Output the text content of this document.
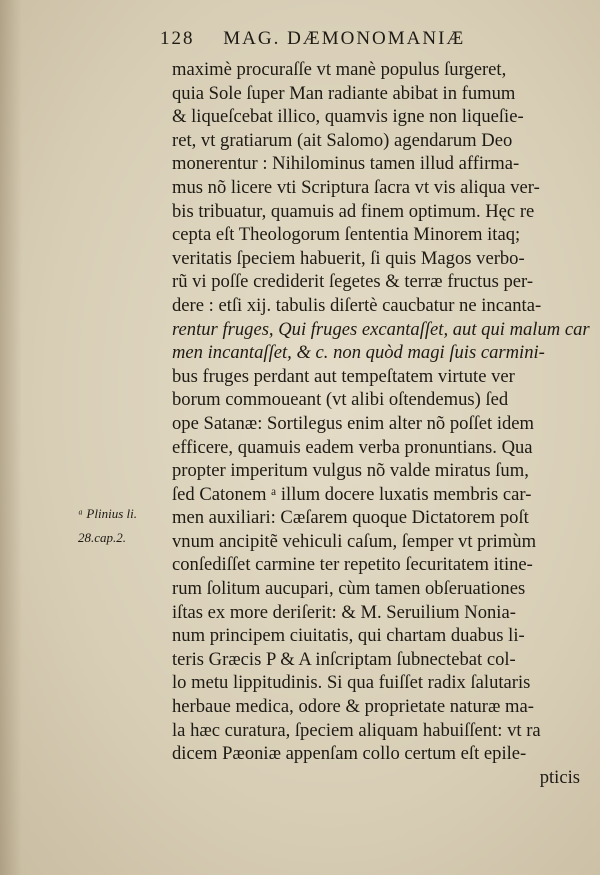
128 MAG. DÆMONOMANIÆ
ᵃ Plinius li.
28.cap.2.
maximè procuraſſe vt manè populus ſurgeret,
quia Sole ſuper Man radiante abibat in fumum
& liqueſcebat illico, quamvis igne non liqueſie-
ret, vt gratiarum (ait Salomo) agendarum Deo
monerentur : Nihilominus tamen illud affirma-
mus nõ licere vti Scriptura ſacra vt vis aliqua ver-
bis tribuatur, quamuis ad finem optimum. Hęc re
cepta eſt Theologorum ſententia Minorem itaq;
veritatis ſpeciem habuerit, ſi quis Magos verbo-
rũ vi poſſe crediderit ſegetes & terræ fructus per-
dere : etſi xij. tabulis diſertè caucbatur ne incanta-
rentur fruges, Qui fruges excantaſſet, aut qui malum car
men incantaſſet, & c. non quòd magi ſuis carmini-
bus fruges perdant aut tempeſtatem virtute ver
borum commoueant (vt alibi oſtendemus) ſed
ope Satanæ: Sortilegus enim alter nõ poſſet idem
efficere, quamuis eadem verba pronuntians. Qua
propter imperitum vulgus nõ valde miratus ſum,
ſed Catonem ᵃ illum docere luxatis membris car-
men auxiliari: Cæſarem quoque Dictatorem poſt
vnum ancipitẽ vehiculi caſum, ſemper vt primùm
conſediſſet carmine ter repetito ſecuritatem itine-
rum ſolitum aucupari, cùm tamen obſeruationes
iſtas ex more deriſerit: & M. Seruilium Nonia-
num principem ciuitatis, qui chartam duabus li-
teris Græcis P & A inſcriptam ſubnectebat col-
lo metu lippitudinis. Si qua fuiſſet radix ſalutaris
herbaue medica, odore & proprietate naturæ ma-
la hæc curatura, ſpeciem aliquam habuiſſent: vt ra
dicem Pæoniæ appenſam collo certum eſt epile-
pticis
